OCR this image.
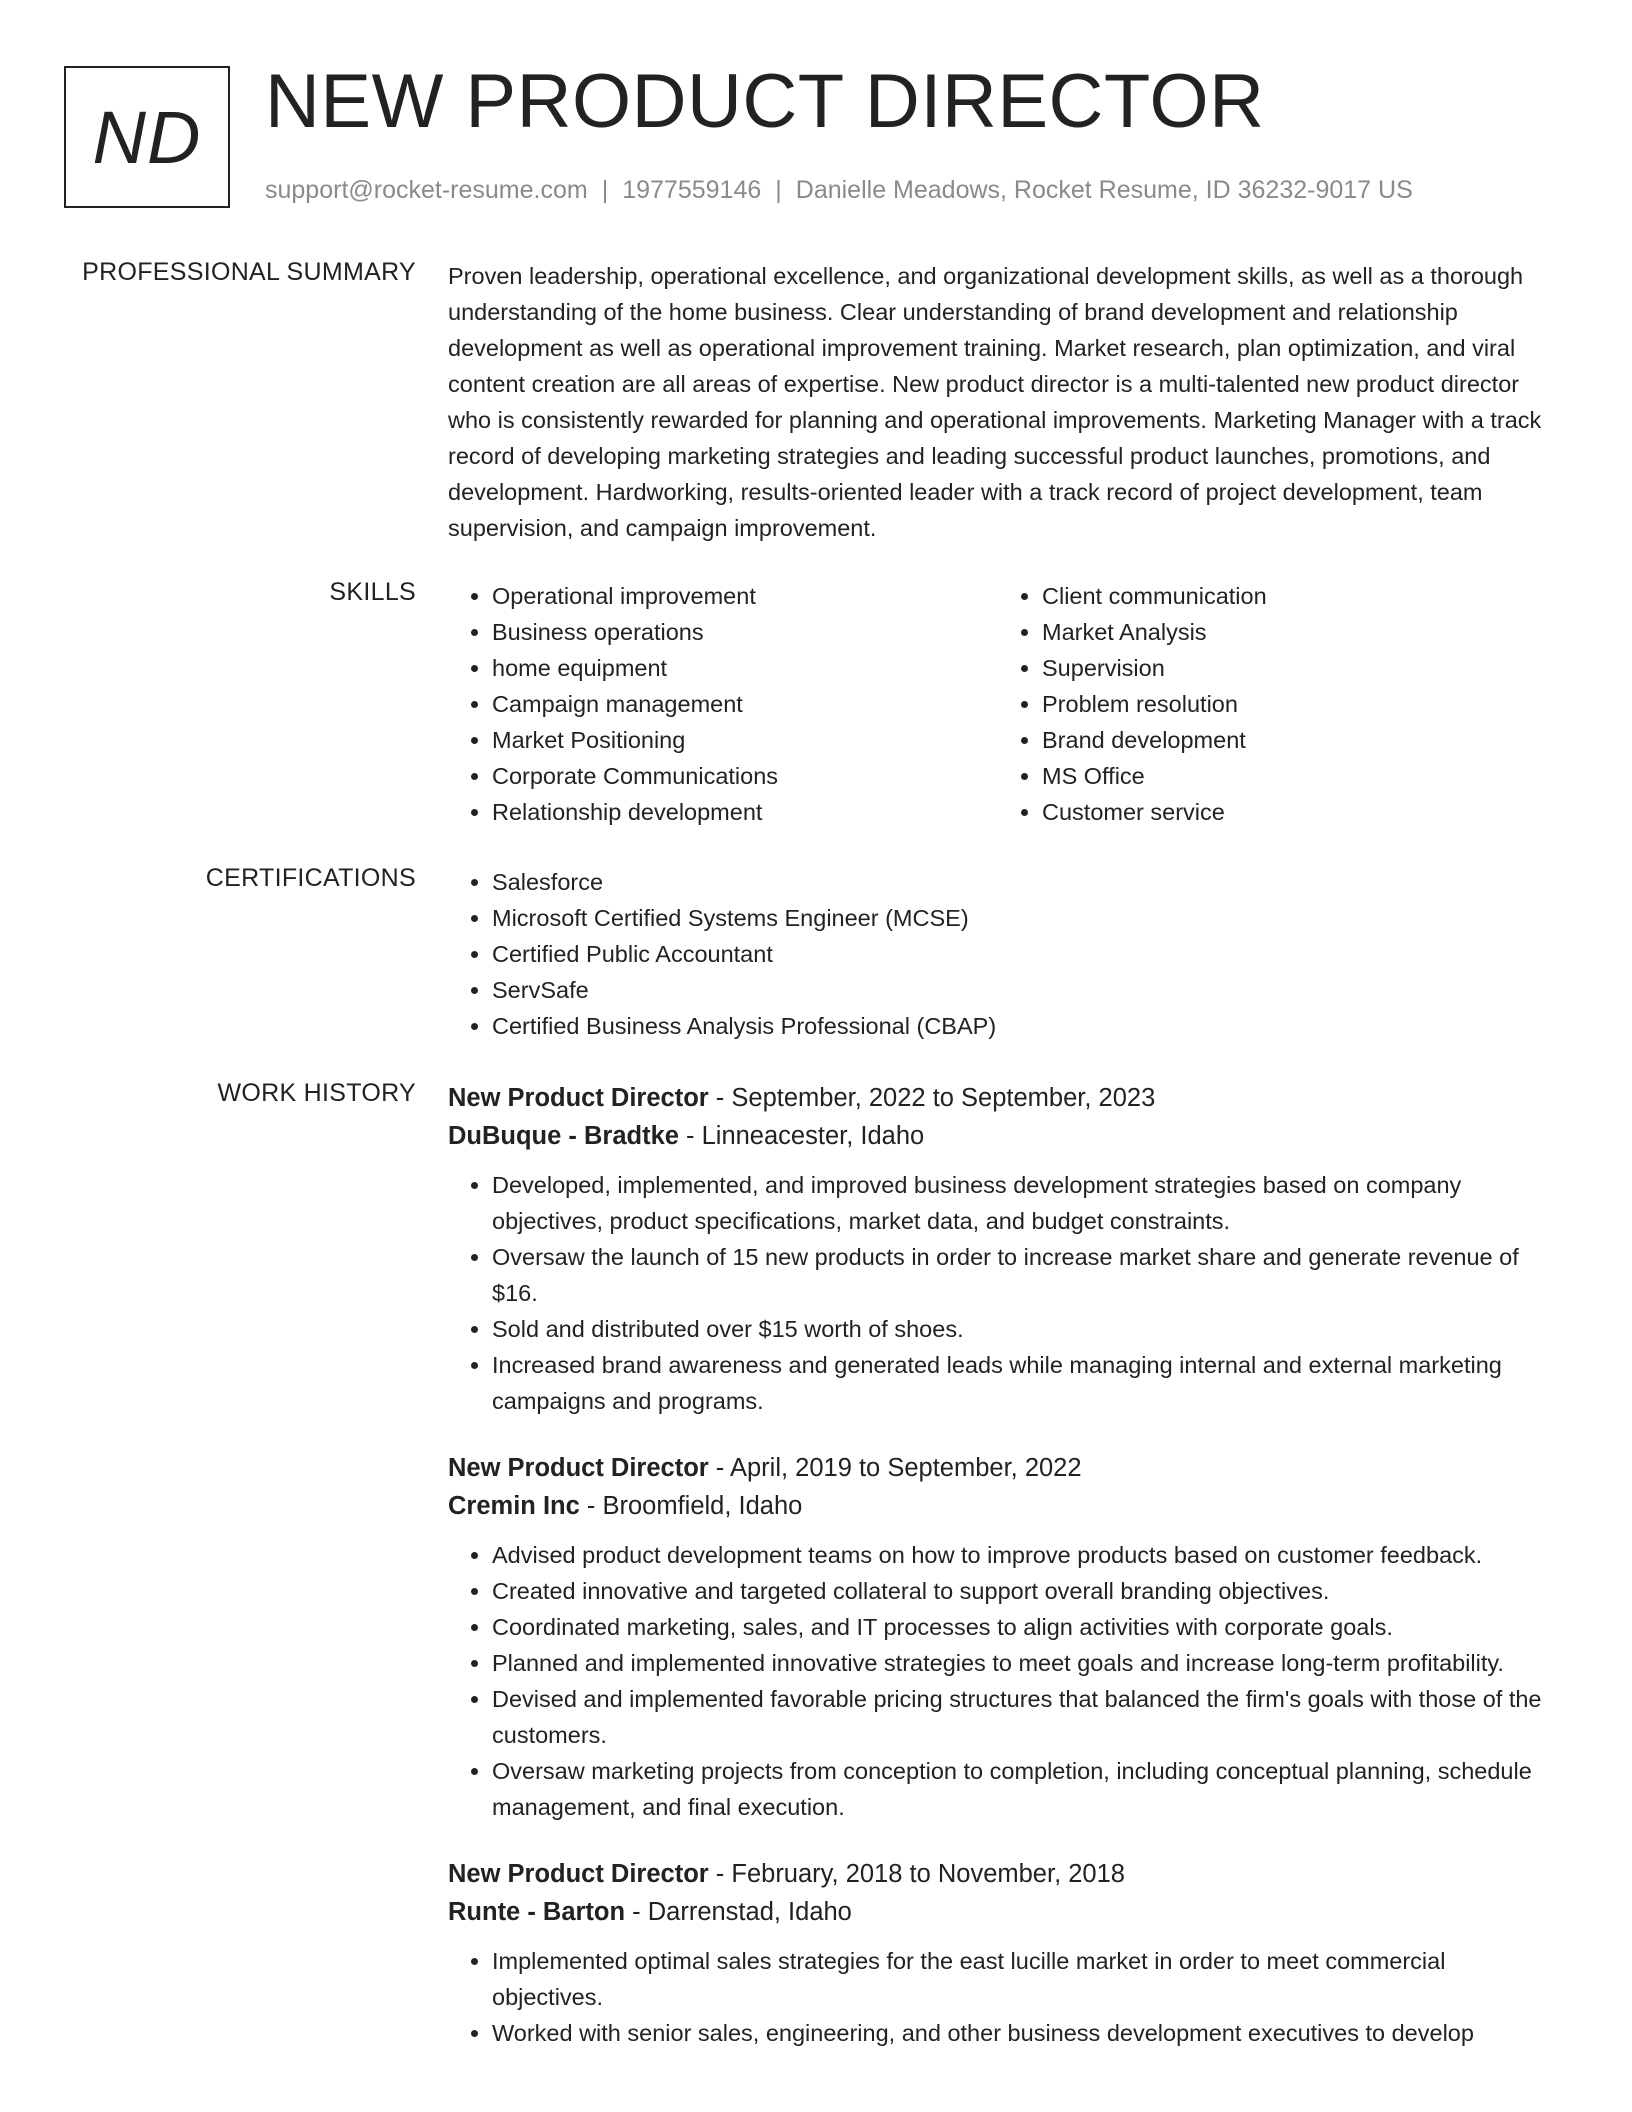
ND NEW PRODUCT DIRECTOR
support@rocket-resume.com | 1977559146 | Danielle Meadows, Rocket Resume, ID 36232-9017 US
PROFESSIONAL SUMMARY Proven leadership, operational excellence, and organizational development skills, as well as a thorough understanding of the home business. Clear understanding of brand development and relationship development as well as operational improvement training. Market research, plan optimization, and viral content creation are all areas of expertise. New product director is a multi-talented new product director who is consistently rewarded for planning and operational improvements. Marketing Manager with a track record of developing marketing strategies and leading successful product launches, promotions, and development. Hardworking, results-oriented leader with a track record of project development, team supervision, and campaign improvement.

SKILLS	• Operational improvement
• Business operations
• home equipment
• Campaign management
• Market Positioning
• Corporate Communications
• Relationship development
• Client communication
• Market Analysis
• Supervision
• Problem resolution
• Brand development
• MS Office
• Customer service
CERTIFICATIONS	• Salesforce
• Microsoft Certified Systems Engineer (MCSE)
• Certified Public Accountant
• ServSafe
• Certified Business Analysis Professional (CBAP)
WORK HISTORY New Product Director - September, 2022 to September, 2023
DuBuque - Bradtke - Linneacester, Idaho
• Developed, implemented, and improved business development strategies based on company objectives, product specifications, market data, and budget constraints.
• Oversaw the launch of 15 new products in order to increase market share and generate revenue of $16.
• Sold and distributed over $15 worth of shoes.
• Increased brand awareness and generated leads while managing internal and external marketing campaigns and programs.
New Product Director - April, 2019 to September, 2022
Cremin Inc - Broomfield, Idaho
• Advised product development teams on how to improve products based on customer feedback.
• Created innovative and targeted collateral to support overall branding objectives.
• Coordinated marketing, sales, and IT processes to align activities with corporate goals.
• Planned and implemented innovative strategies to meet goals and increase long-term profitability.
• Devised and implemented favorable pricing structures that balanced the firm's goals with those of the customers.
• Oversaw marketing projects from conception to completion, including conceptual planning, schedule management, and final execution.
New Product Director - February, 2018 to November, 2018
Runte - Barton - Darrenstad, Idaho
• Implemented optimal sales strategies for the east lucille market in order to meet commercial objectives.
• Worked with senior sales, engineering, and other business development executives to develop
